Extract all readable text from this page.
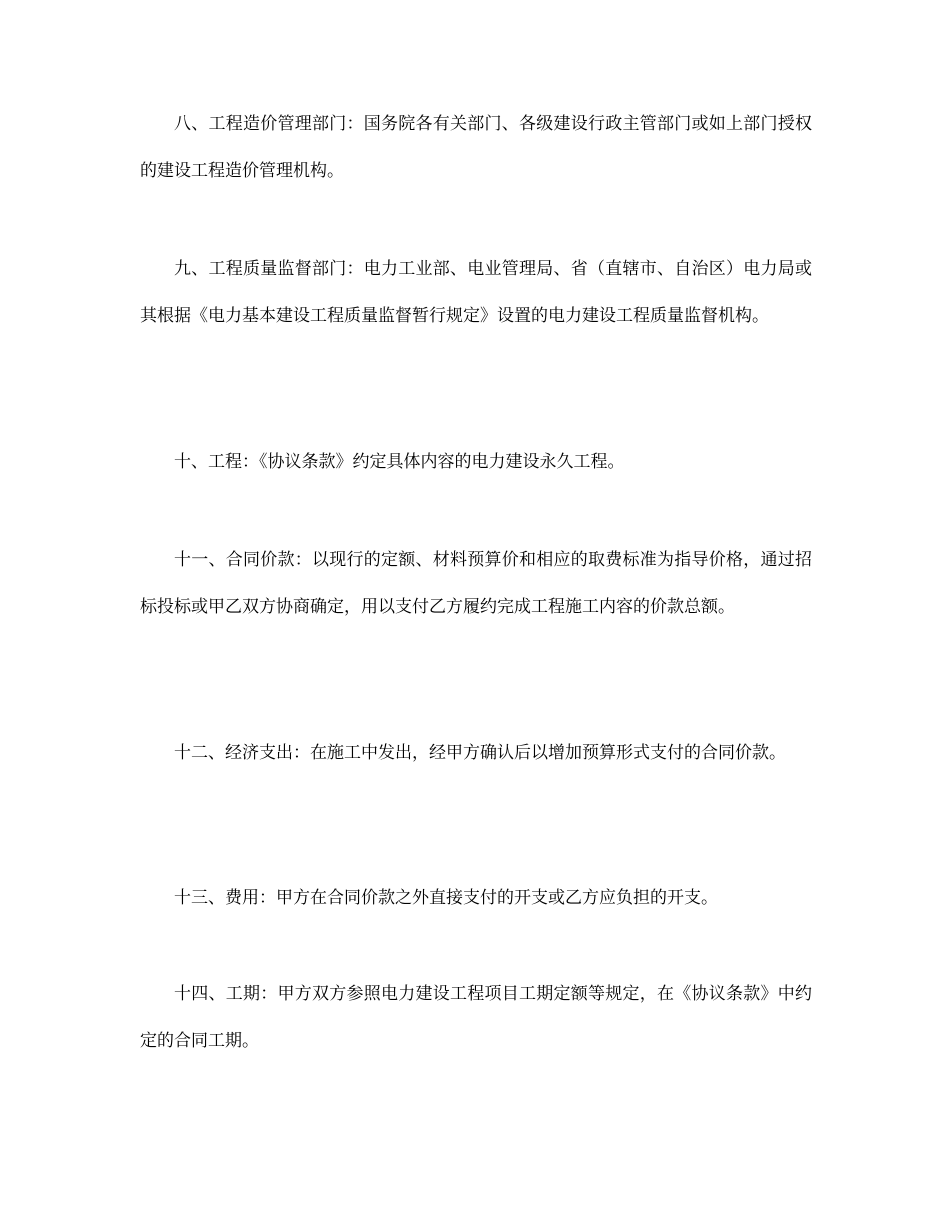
八、工程造价管理部门：国务院各有关部门、各级建设行政主管部门或如上部门授权的建设工程造价管理机构。

九、工程质量监督部门：电力工业部、电业管理局、省（直辖市、自治区）电力局或其根据《电力基本建设工程质量监督暂行规定》设置的电力建设工程质量监督机构。

十、工程：《协议条款》约定具体内容的电力建设永久工程。

十一、合同价款：以现行的定额、材料预算价和相应的取费标准为指导价格，通过招标投标或甲乙双方协商确定，用以支付乙方履约完成工程施工内容的价款总额。

十二、经济支出：在施工中发出，经甲方确认后以增加预算形式支付的合同价款。

十三、费用：甲方在合同价款之外直接支付的开支或乙方应负担的开支。

十四、工期：甲方双方参照电力建设工程项目工期定额等规定，在《协议条款》中约定的合同工期。
